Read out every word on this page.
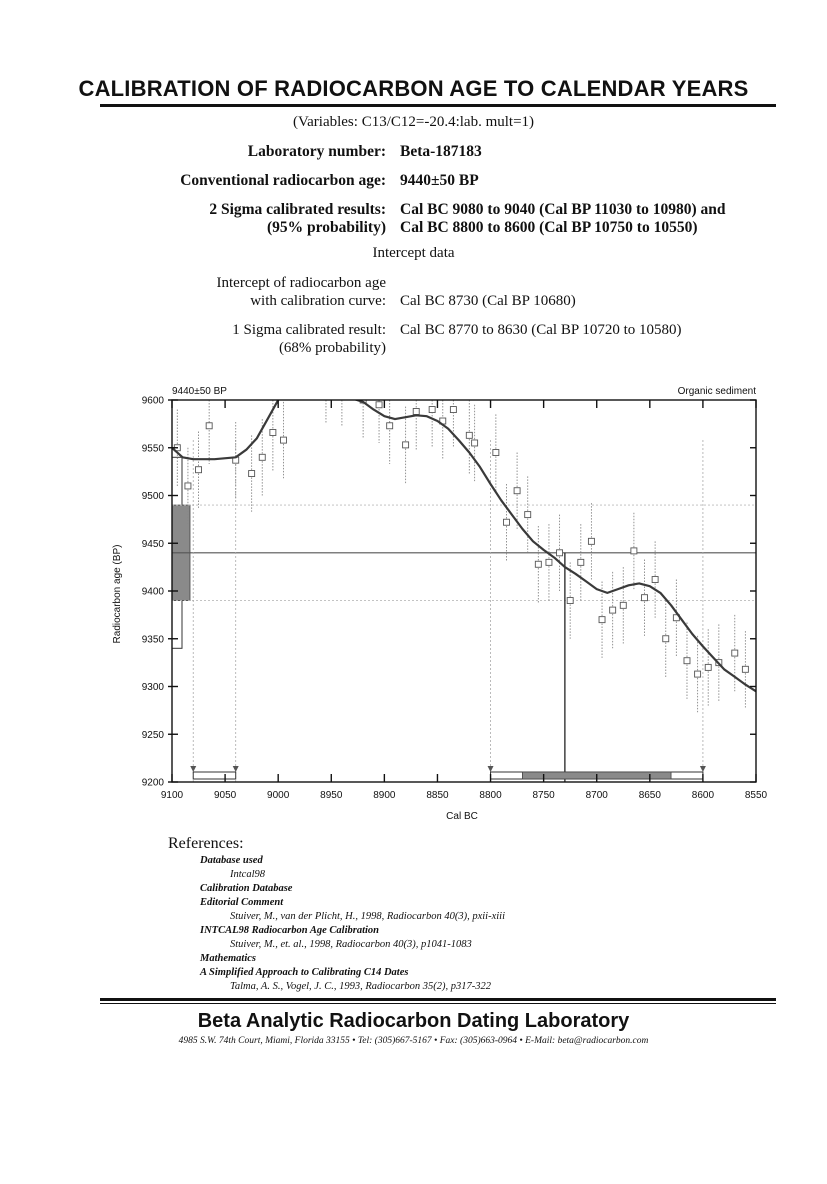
CALIBRATION OF RADIOCARBON AGE TO CALENDAR YEARS
(Variables: C13/C12=-20.4:lab. mult=1)
Laboratory number: Beta-187183
Conventional radiocarbon age: 9440±50 BP
2 Sigma calibrated results:
(95% probability)
Cal BC 9080 to 9040 (Cal BP 11030 to 10980) and
Cal BC 8800 to 8600 (Cal BP 10750 to 10550)
Intercept data
Intercept of radiocarbon age
with calibration curve: Cal BC 8730 (Cal BP 10680)
1 Sigma calibrated result:
(68% probability)
Cal BC 8770 to 8630 (Cal BP 10720 to 10580)
9100	9050	9000	8950	8900	8850	8800	8750	8700	8650	8600	8550
9200
9250
9300
9350
9400
9450
9500
9550
9600
9440±50 BP	Organic sediment
Cal BC
Radiocarbon age (BP)
References:
Database used
Intcal98
Calibration Database
Editorial Comment
Stuiver, M., van der Plicht, H., 1998, Radiocarbon 40(3), pxii-xiii
INTCAL98 Radiocarbon Age Calibration
Stuiver, M., et. al., 1998, Radiocarbon 40(3), p1041-1083
Mathematics
A Simplified Approach to Calibrating C14 Dates
Talma, A. S., Vogel, J. C., 1993, Radiocarbon 35(2), p317-322
Beta Analytic Radiocarbon Dating Laboratory
4985 S.W. 74th Court, Miami, Florida 33155 • Tel: (305)667-5167 • Fax: (305)663-0964 • E-Mail: beta@radiocarbon.com
